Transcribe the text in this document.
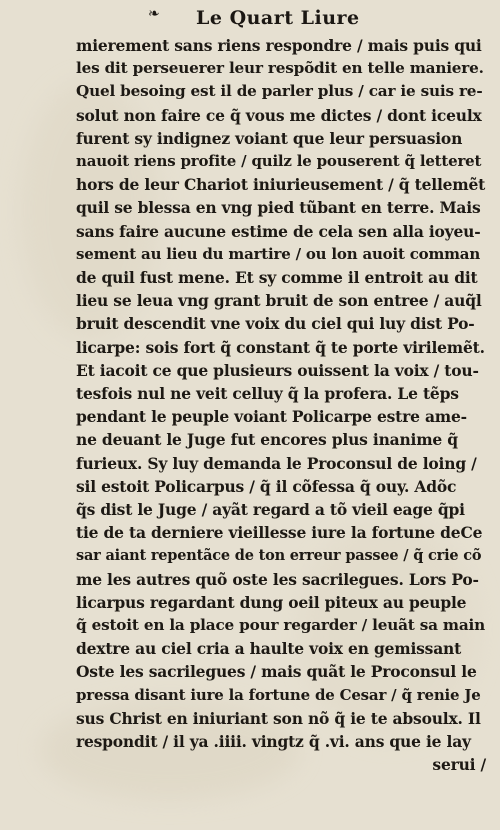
❧ Le Quart Liure
mierement sans riens respondre / mais puis qui
les dit perseuerer leur respõdit en telle maniere.
Quel besoing est il de parler plus / car ie suis re-
solut non faire ce q̃ vous me dictes / dont iceulx
furent sy indignez voiant que leur persuasion
nauoit riens profite / quilz le pouserent q̃ letteret
hors de leur Chariot iniurieusement / q̃ tellemẽt
quil se blessa en vng pied tũbant en terre. Mais
sans faire aucune estime de cela sen alla ioyeu-
sement au lieu du martire / ou lon auoit comman
de quil fust mene. Et sy comme il entroit au dit
lieu se leua vng grant bruit de son entree / auq̃l
bruit descendit vne voix du ciel qui luy dist Po-
licarpe: sois fort q̃ constant q̃ te porte virilemẽt.
Et iacoit ce que plusieurs ouissent la voix / tou-
tesfois nul ne veit celluy q̃ la profera. Le tẽps
pendant le peuple voiant Policarpe estre ame-
ne deuant le Juge fut encores plus inanime q̃
furieux. Sy luy demanda le Proconsul de loing /
sil estoit Policarpus / q̃ il cõfessa q̃ ouy. Adõc
q̃s dist le Juge / ayãt regard a tõ vieil eage q̃pi
tie de ta derniere vieillesse iure la fortune deCe
sar aiant repentãce de ton erreur passee / q̃ crie cõ
me les autres quõ oste les sacrilegues. Lors Po-
licarpus regardant dung oeil piteux au peuple
q̃ estoit en la place pour regarder / leuãt sa main
dextre au ciel cria a haulte voix en gemissant
Oste les sacrilegues / mais quãt le Proconsul le
pressa disant iure la fortune de Cesar / q̃ renie Je
sus Christ en iniuriant son nõ q̃ ie te absoulx. Il
respondit / il ya .iiii. vingtz q̃ .vi. ans que ie lay
serui /
